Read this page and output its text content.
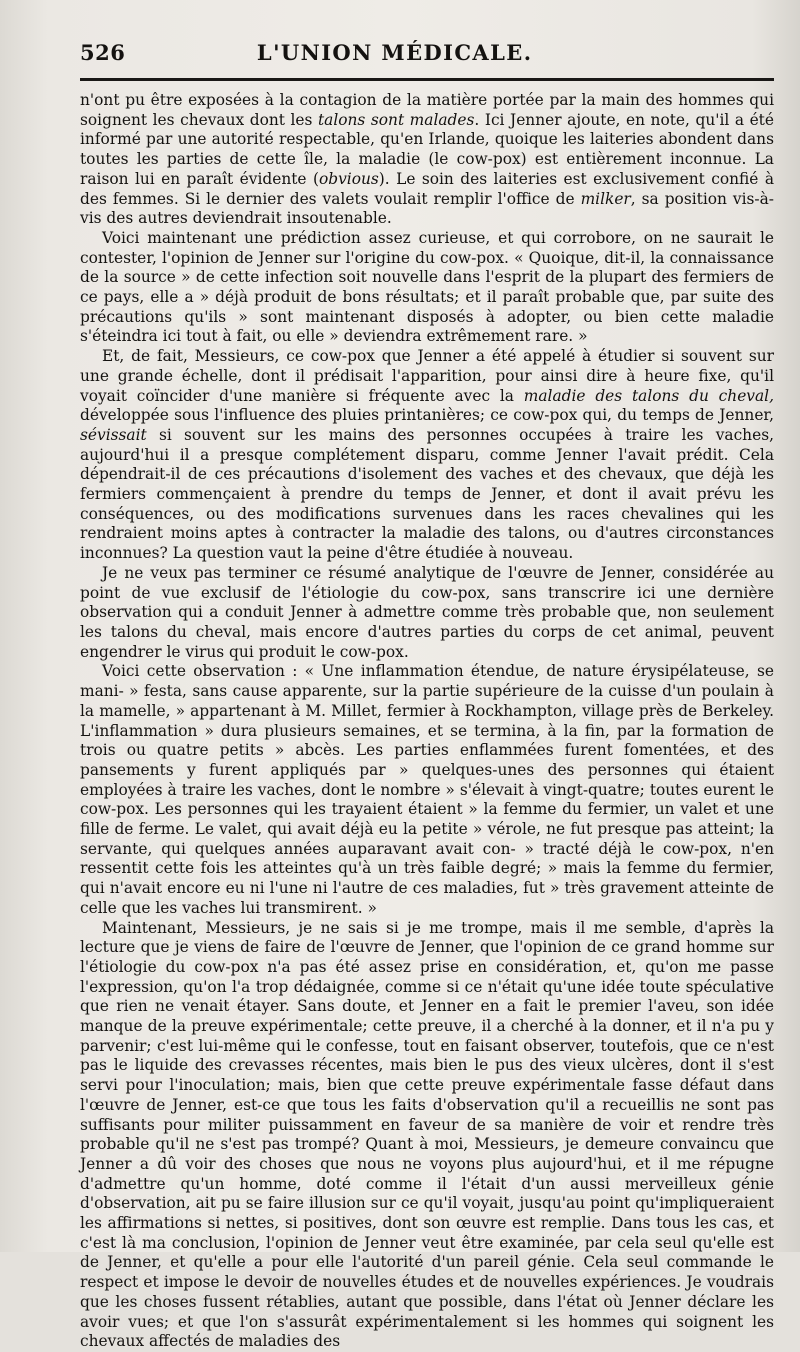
526	L'UNION MÉDICALE.

n'ont pu être exposées à la contagion de la matière portée par la main des hommes qui soignent les chevaux dont les talons sont malades. Ici Jenner ajoute, en note, qu'il a été informé par une autorité respectable, qu'en Irlande, quoique les laiteries abondent dans toutes les parties de cette île, la maladie (le cow-pox) est entièrement inconnue. La raison lui en paraît évidente (obvious). Le soin des laiteries est exclusivement confié à des femmes. Si le dernier des valets voulait remplir l'office de milker, sa position vis-à-vis des autres deviendrait insoutenable.

Voici maintenant une prédiction assez curieuse, et qui corrobore, on ne saurait le contester, l'opinion de Jenner sur l'origine du cow-pox. « Quoique, dit-il, la connaissance de la source » de cette infection soit nouvelle dans l'esprit de la plupart des fermiers de ce pays, elle a » déjà produit de bons résultats; et il paraît probable que, par suite des précautions qu'ils » sont maintenant disposés à adopter, ou bien cette maladie s'éteindra ici tout à fait, ou elle » deviendra extrêmement rare. »

Et, de fait, Messieurs, ce cow-pox que Jenner a été appelé à étudier si souvent sur une grande échelle, dont il prédisait l'apparition, pour ainsi dire à heure fixe, qu'il voyait coïncider d'une manière si fréquente avec la maladie des talons du cheval, développée sous l'influence des pluies printanières; ce cow-pox qui, du temps de Jenner, sévissait si souvent sur les mains des personnes occupées à traire les vaches, aujourd'hui il a presque complétement disparu, comme Jenner l'avait prédit. Cela dépendrait-il de ces précautions d'isolement des vaches et des chevaux, que déjà les fermiers commençaient à prendre du temps de Jenner, et dont il avait prévu les conséquences, ou des modifications survenues dans les races chevalines qui les rendraient moins aptes à contracter la maladie des talons, ou d'autres circonstances inconnues? La question vaut la peine d'être étudiée à nouveau.

Je ne veux pas terminer ce résumé analytique de l'œuvre de Jenner, considérée au point de vue exclusif de l'étiologie du cow-pox, sans transcrire ici une dernière observation qui a conduit Jenner à admettre comme très probable que, non seulement les talons du cheval, mais encore d'autres parties du corps de cet animal, peuvent engendrer le virus qui produit le cow-pox.

Voici cette observation : « Une inflammation étendue, de nature érysipélateuse, se mani- » festa, sans cause apparente, sur la partie supérieure de la cuisse d'un poulain à la mamelle, » appartenant à M. Millet, fermier à Rockhampton, village près de Berkeley. L'inflammation » dura plusieurs semaines, et se termina, à la fin, par la formation de trois ou quatre petits » abcès. Les parties enflammées furent fomentées, et des pansements y furent appliqués par » quelques-unes des personnes qui étaient employées à traire les vaches, dont le nombre » s'élevait à vingt-quatre; toutes eurent le cow-pox. Les personnes qui les trayaient étaient » la femme du fermier, un valet et une fille de ferme. Le valet, qui avait déjà eu la petite » vérole, ne fut presque pas atteint; la servante, qui quelques années auparavant avait con- » tracté déjà le cow-pox, n'en ressentit cette fois les atteintes qu'à un très faible degré; » mais la femme du fermier, qui n'avait encore eu ni l'une ni l'autre de ces maladies, fut » très gravement atteinte de celle que les vaches lui transmirent. »

Maintenant, Messieurs, je ne sais si je me trompe, mais il me semble, d'après la lecture que je viens de faire de l'œuvre de Jenner, que l'opinion de ce grand homme sur l'étiologie du cow-pox n'a pas été assez prise en considération, et, qu'on me passe l'expression, qu'on l'a trop dédaignée, comme si ce n'était qu'une idée toute spéculative que rien ne venait étayer. Sans doute, et Jenner en a fait le premier l'aveu, son idée manque de la preuve expérimentale; cette preuve, il a cherché à la donner, et il n'a pu y parvenir; c'est lui-même qui le confesse, tout en faisant observer, toutefois, que ce n'est pas le liquide des crevasses récentes, mais bien le pus des vieux ulcères, dont il s'est servi pour l'inoculation; mais, bien que cette preuve expérimentale fasse défaut dans l'œuvre de Jenner, est-ce que tous les faits d'observation qu'il a recueillis ne sont pas suffisants pour militer puissamment en faveur de sa manière de voir et rendre très probable qu'il ne s'est pas trompé? Quant à moi, Messieurs, je demeure convaincu que Jenner a dû voir des choses que nous ne voyons plus aujourd'hui, et il me répugne d'admettre qu'un homme, doté comme il l'était d'un aussi merveilleux génie d'observation, ait pu se faire illusion sur ce qu'il voyait, jusqu'au point qu'impliqueraient les affirmations si nettes, si positives, dont son œuvre est remplie. Dans tous les cas, et c'est là ma conclusion, l'opinion de Jenner veut être examinée, par cela seul qu'elle est de Jenner, et qu'elle a pour elle l'autorité d'un pareil génie. Cela seul commande le respect et impose le devoir de nouvelles études et de nouvelles expériences. Je voudrais que les choses fussent rétablies, autant que possible, dans l'état où Jenner déclare les avoir vues; et que l'on s'assurât expérimentalement si les hommes qui soignent les chevaux affectés de maladies des
